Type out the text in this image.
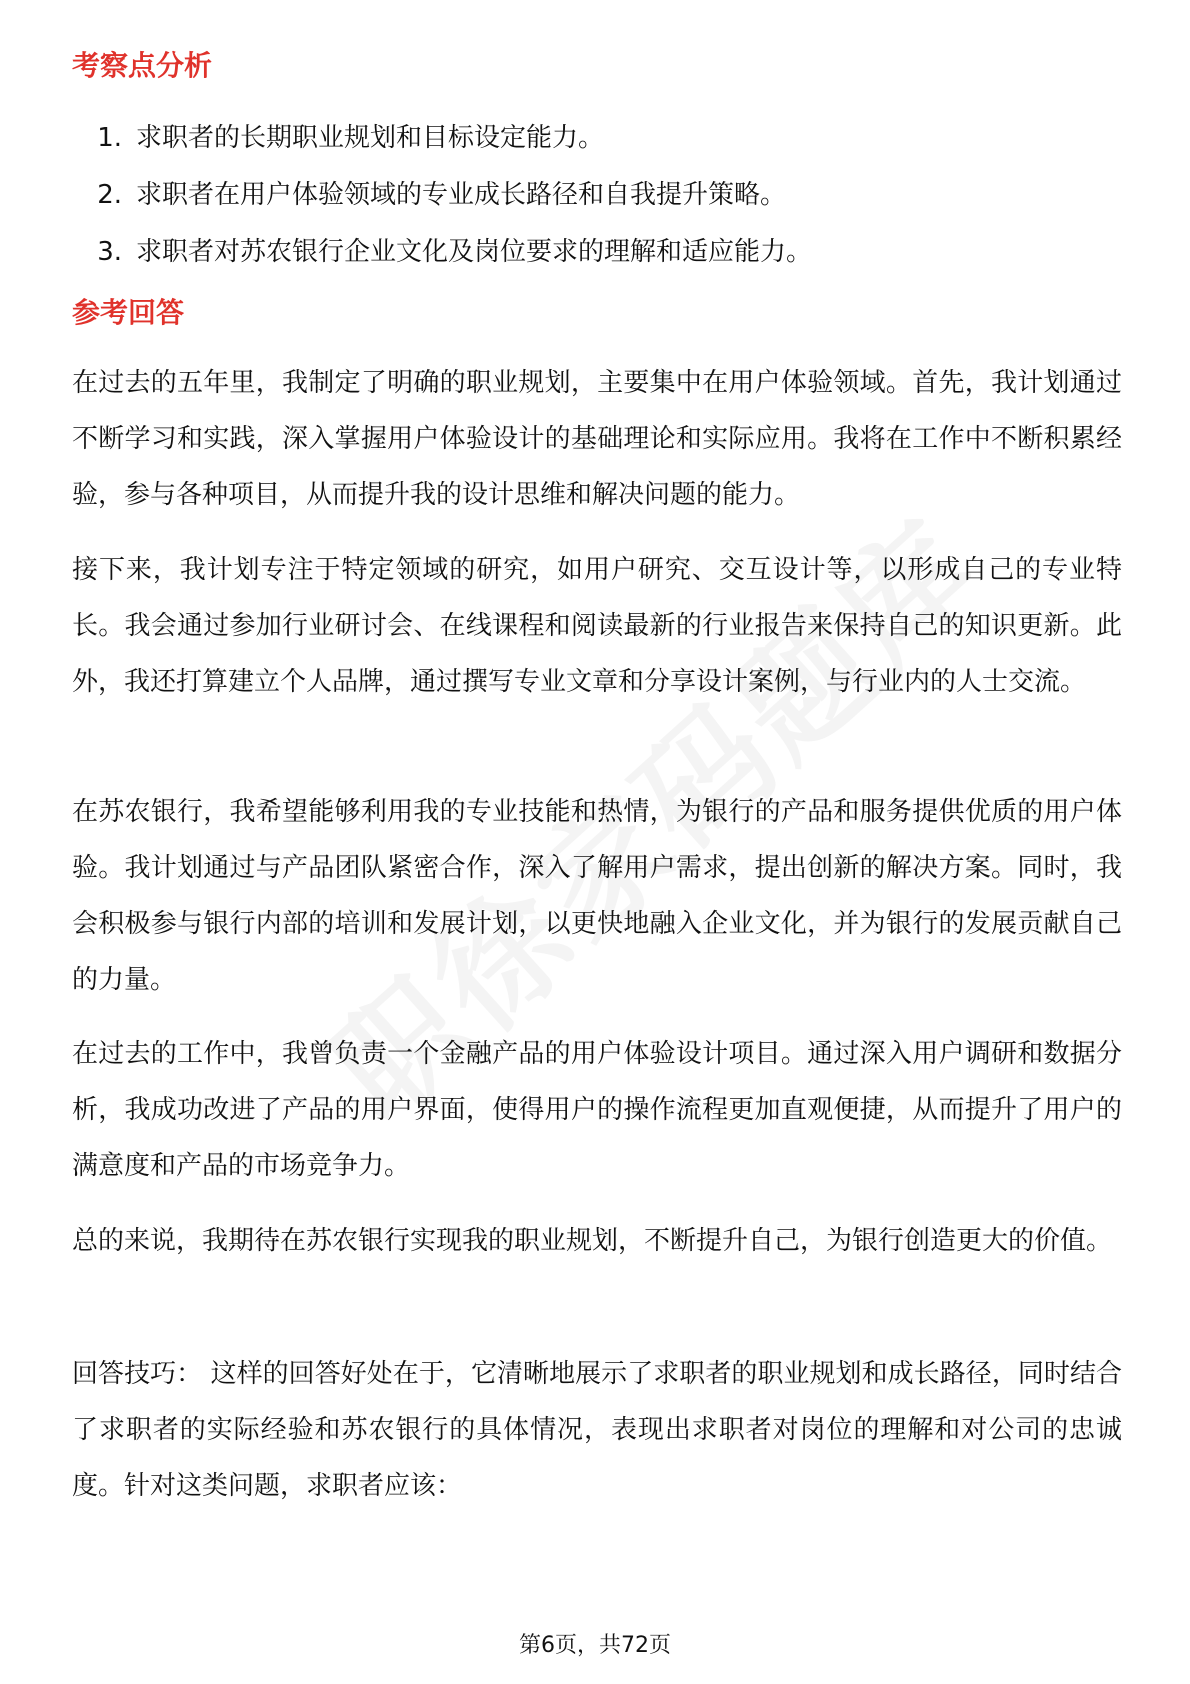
考察点分析
1. 求职者的长期职业规划和目标设定能力。
2. 求职者在用户体验领域的专业成长路径和自我提升策略。
3. 求职者对苏农银行企业文化及岗位要求的理解和适应能力。
参考回答

在过去的五年里，我制定了明确的职业规划，主要集中在用户体验领域。首先，我计划通过不断学习和实践，深入掌握用户体验设计的基础理论和实际应用。我将在工作中不断积累经验，参与各种项目，从而提升我的设计思维和解决问题的能力。

接下来，我计划专注于特定领域的研究，如用户研究、交互设计等，以形成自己的专业特长。我会通过参加行业研讨会、在线课程和阅读最新的行业报告来保持自己的知识更新。此外，我还打算建立个人品牌，通过撰写专业文章和分享设计案例，与行业内的人士交流。

在苏农银行，我希望能够利用我的专业技能和热情，为银行的产品和服务提供优质的用户体验。我计划通过与产品团队紧密合作，深入了解用户需求，提出创新的解决方案。同时，我会积极参与银行内部的培训和发展计划，以更快地融入企业文化，并为银行的发展贡献自己的力量。

在过去的工作中，我曾负责一个金融产品的用户体验设计项目。通过深入用户调研和数据分析，我成功改进了产品的用户界面，使得用户的操作流程更加直观便捷，从而提升了用户的满意度和产品的市场竞争力。

总的来说，我期待在苏农银行实现我的职业规划，不断提升自己，为银行创造更大的价值。

回答技巧： 这样的回答好处在于，它清晰地展示了求职者的职业规划和成长路径，同时结合了求职者的实际经验和苏农银行的具体情况，表现出求职者对岗位的理解和对公司的忠诚度。针对这类问题，求职者应该：

第6页，共72页
